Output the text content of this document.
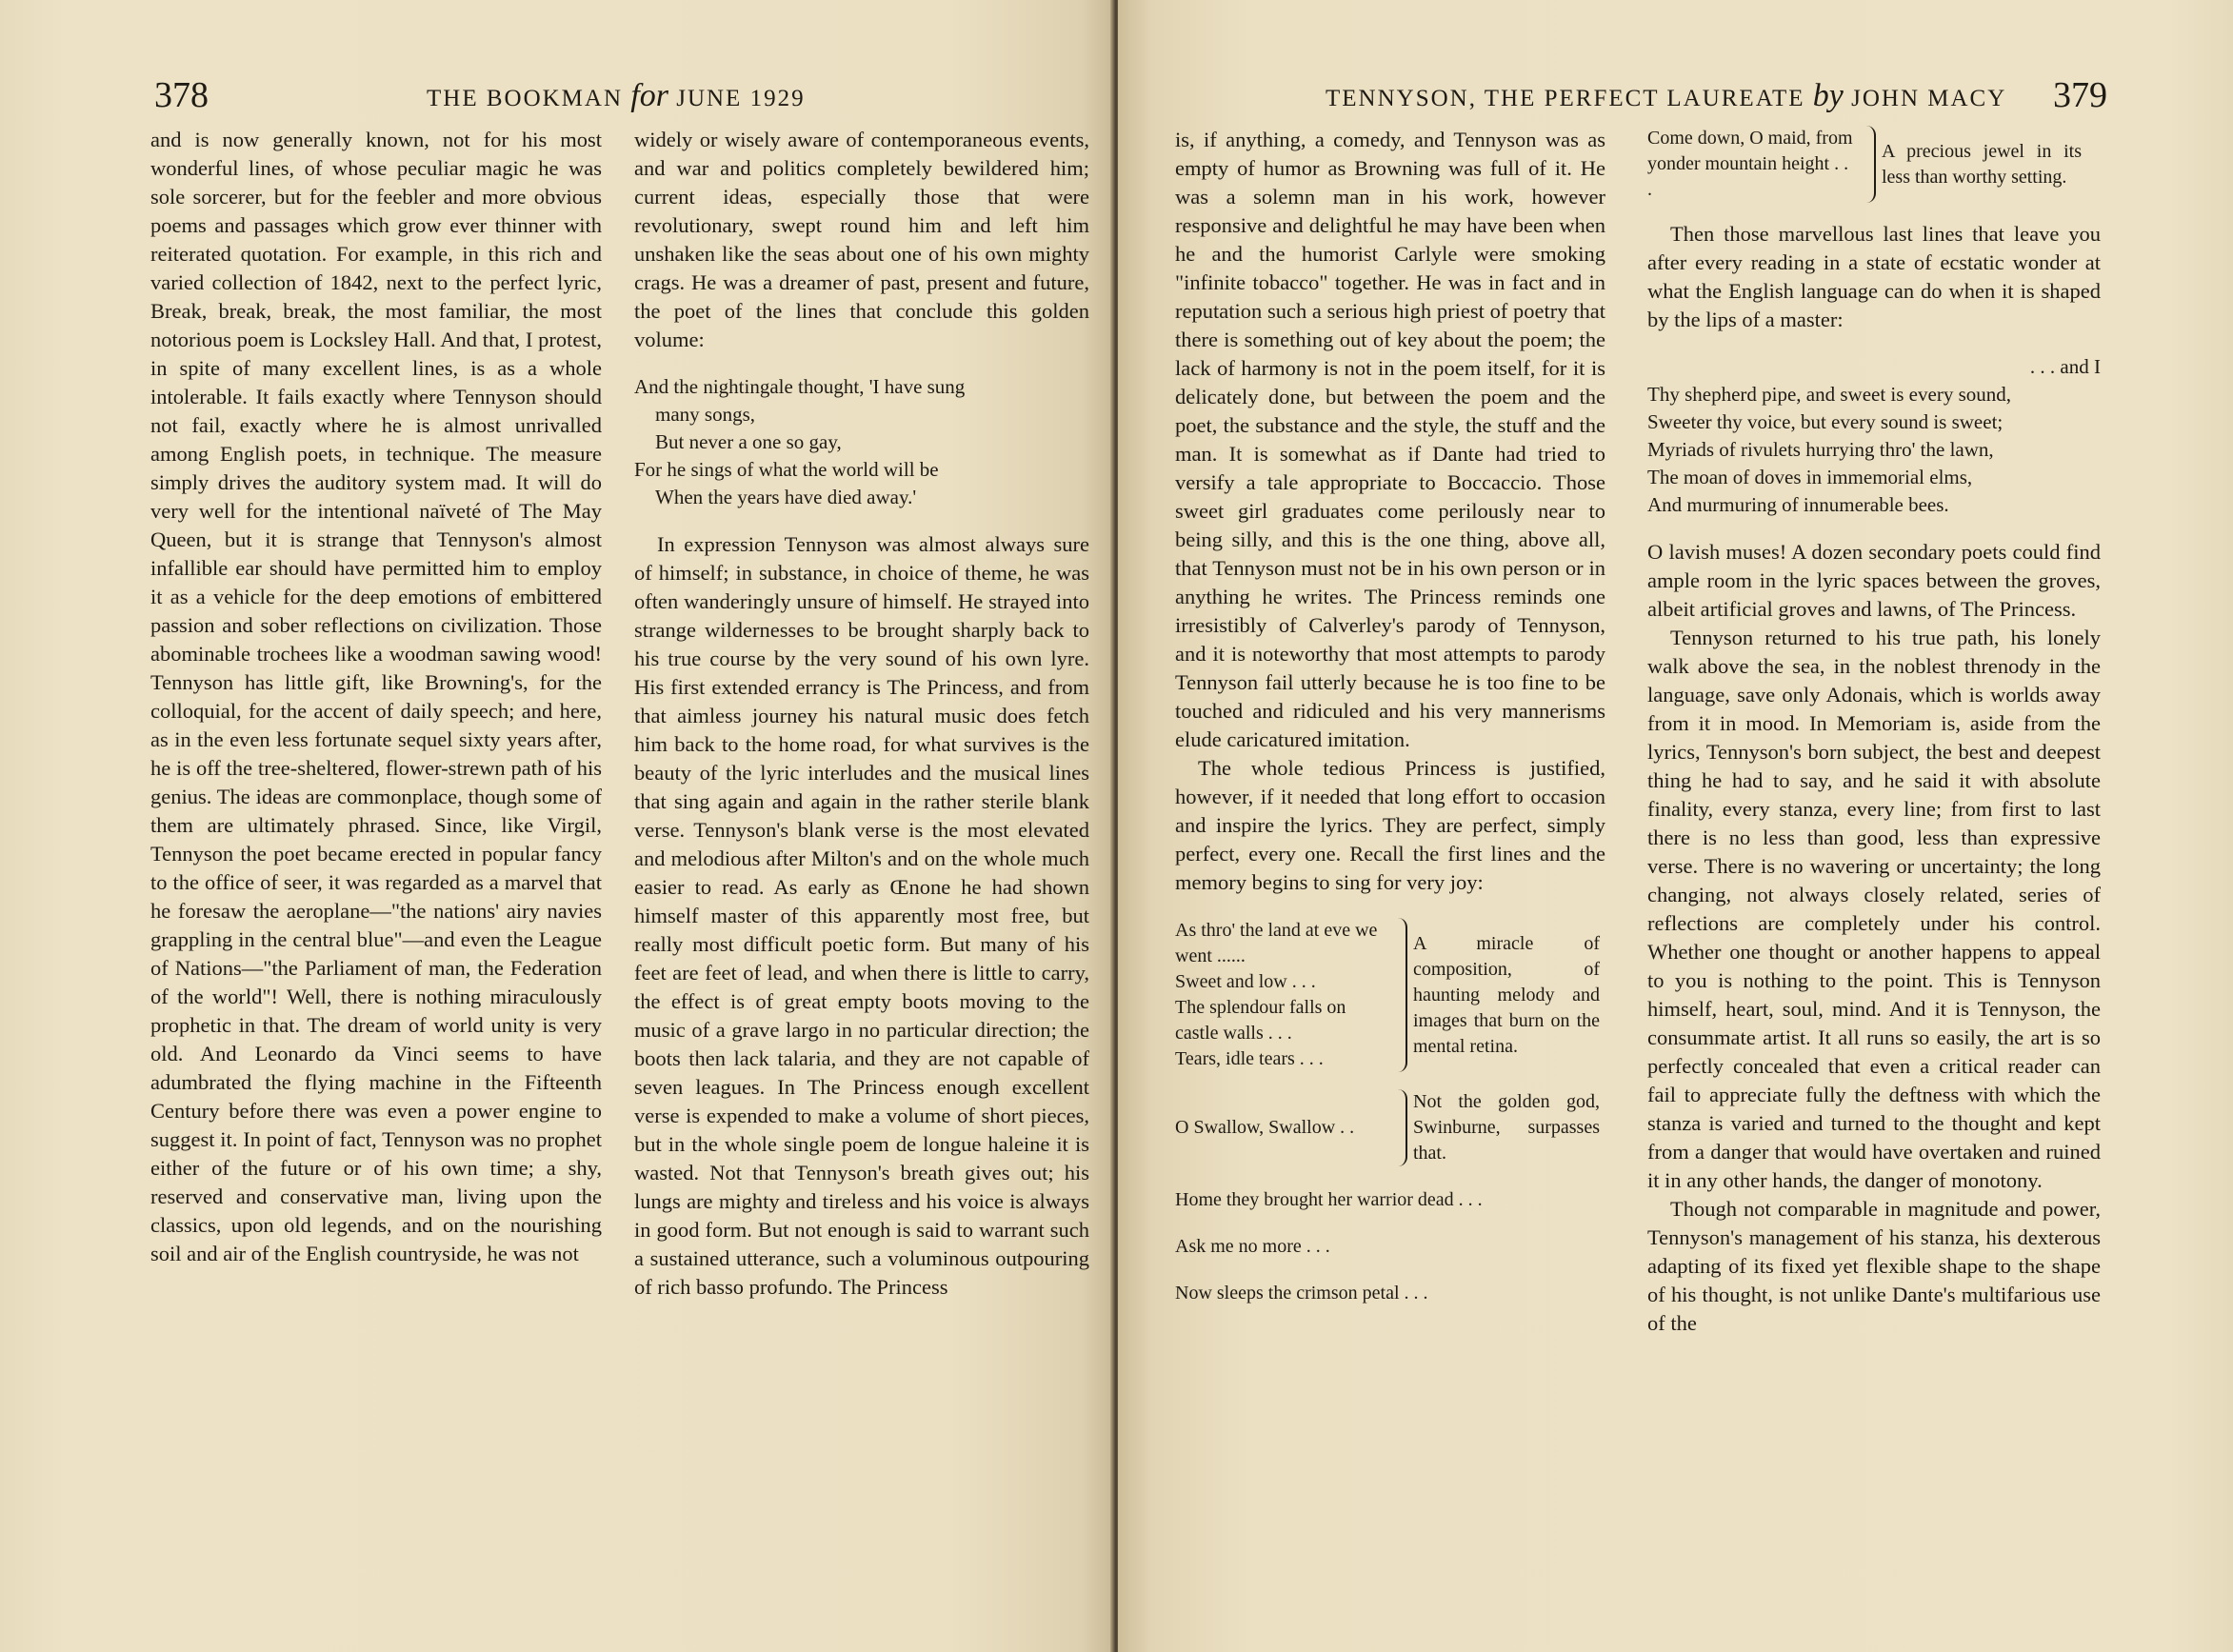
378	THE BOOKMAN for JUNE 1929

and is now generally known, not for his most wonderful lines, of whose peculiar magic he was sole sorcerer, but for the feebler and more obvious poems and passages which grow ever thinner with reiterated quotation. For example, in this rich and varied collection of 1842, next to the perfect lyric, Break, break, break, the most familiar, the most notorious poem is Locksley Hall. And that, I protest, in spite of many excellent lines, is as a whole intolerable. It fails exactly where Tennyson should not fail, exactly where he is almost unrivalled among English poets, in technique. The measure simply drives the auditory system mad. It will do very well for the intentional naïveté of The May Queen, but it is strange that Tennyson's almost infallible ear should have permitted him to employ it as a vehicle for the deep emotions of embittered passion and sober reflections on civilization. Those abominable trochees like a woodman sawing wood! Tennyson has little gift, like Browning's, for the colloquial, for the accent of daily speech; and here, as in the even less fortunate sequel sixty years after, he is off the tree-sheltered, flower-strewn path of his genius. The ideas are commonplace, though some of them are ultimately phrased. Since, like Virgil, Tennyson the poet became erected in popular fancy to the office of seer, it was regarded as a marvel that he foresaw the aeroplane—"the nations' airy navies grappling in the central blue"—and even the League of Nations—"the Parliament of man, the Federation of the world"! Well, there is nothing miraculously prophetic in that. The dream of world unity is very old. And Leonardo da Vinci seems to have adumbrated the flying machine in the Fifteenth Century before there was even a power engine to suggest it. In point of fact, Tennyson was no prophet either of the future or of his own time; a shy, reserved and conservative man, living upon the classics, upon old legends, and on the nourishing soil and air of the English countryside, he was not

widely or wisely aware of contemporaneous events, and war and politics completely bewildered him; current ideas, especially those that were revolutionary, swept round him and left him unshaken like the seas about one of his own mighty crags. He was a dreamer of past, present and future, the poet of the lines that conclude this golden volume:

And the nightingale thought, 'I have sung
many songs,
But never a one so gay,
For he sings of what the world will be
When the years have died away.'

In expression Tennyson was almost always sure of himself; in substance, in choice of theme, he was often wanderingly unsure of himself. He strayed into strange wildernesses to be brought sharply back to his true course by the very sound of his own lyre. His first extended errancy is The Princess, and from that aimless journey his natural music does fetch him back to the home road, for what survives is the beauty of the lyric interludes and the musical lines that sing again and again in the rather sterile blank verse. Tennyson's blank verse is the most elevated and melodious after Milton's and on the whole much easier to read. As early as Œnone he had shown himself master of this apparently most free, but really most difficult poetic form. But many of his feet are feet of lead, and when there is little to carry, the effect is of great empty boots moving to the music of a grave largo in no particular direction; the boots then lack talaria, and they are not capable of seven leagues. In The Princess enough excellent verse is expended to make a volume of short pieces, but in the whole single poem de longue haleine it is wasted. Not that Tennyson's breath gives out; his lungs are mighty and tireless and his voice is always in good form. But not enough is said to warrant such a sustained utterance, such a voluminous outpouring of rich basso profundo. The Princess

TENNYSON, THE PERFECT LAUREATE by JOHN MACY 379

is, if anything, a comedy, and Tennyson was as empty of humor as Browning was full of it. He was a solemn man in his work, however responsive and delightful he may have been when he and the humorist Carlyle were smoking "infinite tobacco" together. He was in fact and in reputation such a serious high priest of poetry that there is something out of key about the poem; the lack of harmony is not in the poem itself, for it is delicately done, but between the poem and the poet, the substance and the style, the stuff and the man. It is somewhat as if Dante had tried to versify a tale appropriate to Boccaccio. Those sweet girl graduates come perilously near to being silly, and this is the one thing, above all, that Tennyson must not be in his own person or in anything he writes. The Princess reminds one irresistibly of Calverley's parody of Tennyson, and it is noteworthy that most attempts to parody Tennyson fail utterly because he is too fine to be touched and ridiculed and his very mannerisms elude caricatured imitation.

The whole tedious Princess is justified, however, if it needed that long effort to occasion and inspire the lyrics. They are perfect, simply perfect, every one. Recall the first lines and the memory begins to sing for very joy:

As thro' the land at eve we went ......
Sweet and low . . .
The splendour falls on castle walls . . .
Tears, idle tears . . .
A miracle of composition, of haunting melody and images that burn on the mental retina.
O Swallow, Swallow . .
Not the golden god, Swinburne, surpasses that.
Home they brought her warrior dead . . .
Ask me no more . . .
Now sleeps the crimson petal . . .
Come down, O maid, from yonder mountain height . . .
A precious jewel in its less than worthy setting.

Then those marvellous last lines that leave you after every reading in a state of ecstatic wonder at what the English language can do when it is shaped by the lips of a master:

. . . and I
Thy shepherd pipe, and sweet is every sound,
Sweeter thy voice, but every sound is sweet;
Myriads of rivulets hurrying thro' the lawn,
The moan of doves in immemorial elms,
And murmuring of innumerable bees.

O lavish muses! A dozen secondary poets could find ample room in the lyric spaces between the groves, albeit artificial groves and lawns, of The Princess.

Tennyson returned to his true path, his lonely walk above the sea, in the noblest threnody in the language, save only Adonais, which is worlds away from it in mood. In Memoriam is, aside from the lyrics, Tennyson's born subject, the best and deepest thing he had to say, and he said it with absolute finality, every stanza, every line; from first to last there is no less than good, less than expressive verse. There is no wavering or uncertainty; the long changing, not always closely related, series of reflections are completely under his control. Whether one thought or another happens to appeal to you is nothing to the point. This is Tennyson himself, heart, soul, mind. And it is Tennyson, the consummate artist. It all runs so easily, the art is so perfectly concealed that even a critical reader can fail to appreciate fully the deftness with which the stanza is varied and turned to the thought and kept from a danger that would have overtaken and ruined it in any other hands, the danger of monotony.

Though not comparable in magnitude and power, Tennyson's management of his stanza, his dexterous adapting of its fixed yet flexible shape to the shape of his thought, is not unlike Dante's multifarious use of the
